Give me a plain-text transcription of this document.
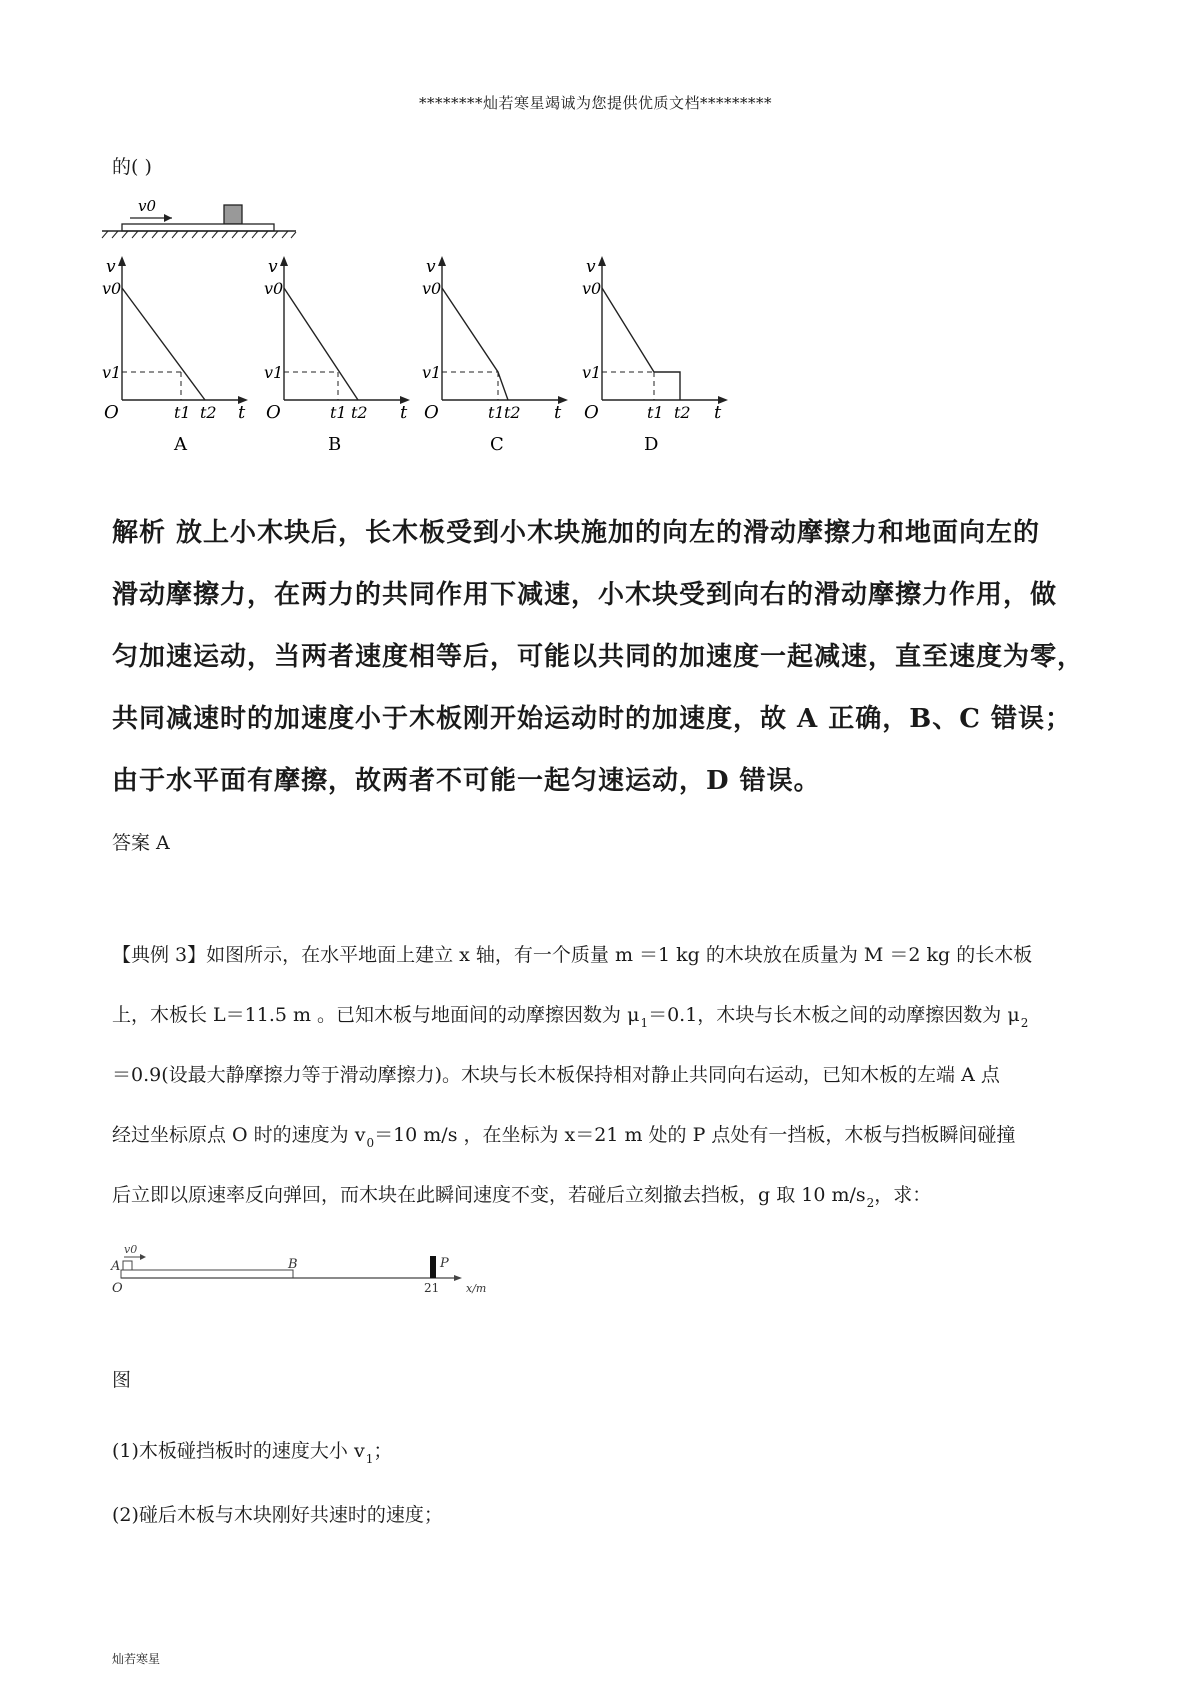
********灿若寒星竭诚为您提供优质文档*********
的( )
v0
v
v0
v1
O	t1 t2 t
A
v
v0
v1
O	t1 t2 t
B
v
v0
v1
O	t1 t2 t
C
v
v0
v1
O	t1 t2 t
D
解析 放上小木块后，长木板受到小木块施加的向左的滑动摩擦力和地面向左的
滑动摩擦力，在两力的共同作用下减速，小木块受到向右的滑动摩擦力作用，做
匀加速运动，当两者速度相等后，可能以共同的加速度一起减速，直至速度为零，
共同减速时的加速度小于木板刚开始运动时的加速度，故 A 正确，B、C 错误；
由于水平面有摩擦，故两者不可能一起匀速运动，D 错误。
答案 A
【典例 3】如图所示，在水平地面上建立 x 轴，有一个质量 m ＝1 kg 的木块放在质量为 M ＝2 kg 的长木板
上，木板长 L＝11.5 m 。已知木板与地面间的动摩擦因数为 $\mu_1=0.1$，木块与长木板之间的动摩擦因数为 $\mu_2$
＝0.9(设最大静摩擦力等于滑动摩擦力)。木块与长木板保持相对静止共同向右运动，已知木板的左端 A 点
经过坐标原点 O 时的速度为 $v_0=10$ m/s ，在坐标为 x＝21 m 处的 P 点处有一挡板，木板与挡板瞬间碰撞
后立即以原速率反向弹回，而木块在此瞬间速度不变，若碰后立刻撤去挡板，g 取 10 $m/s_2$，求：
v0
A
O
B	P
21 x/m
图
(1)木板碰挡板时的速度大小 $v_1$；
(2)碰后木板与木块刚好共速时的速度；
灿若寒星
